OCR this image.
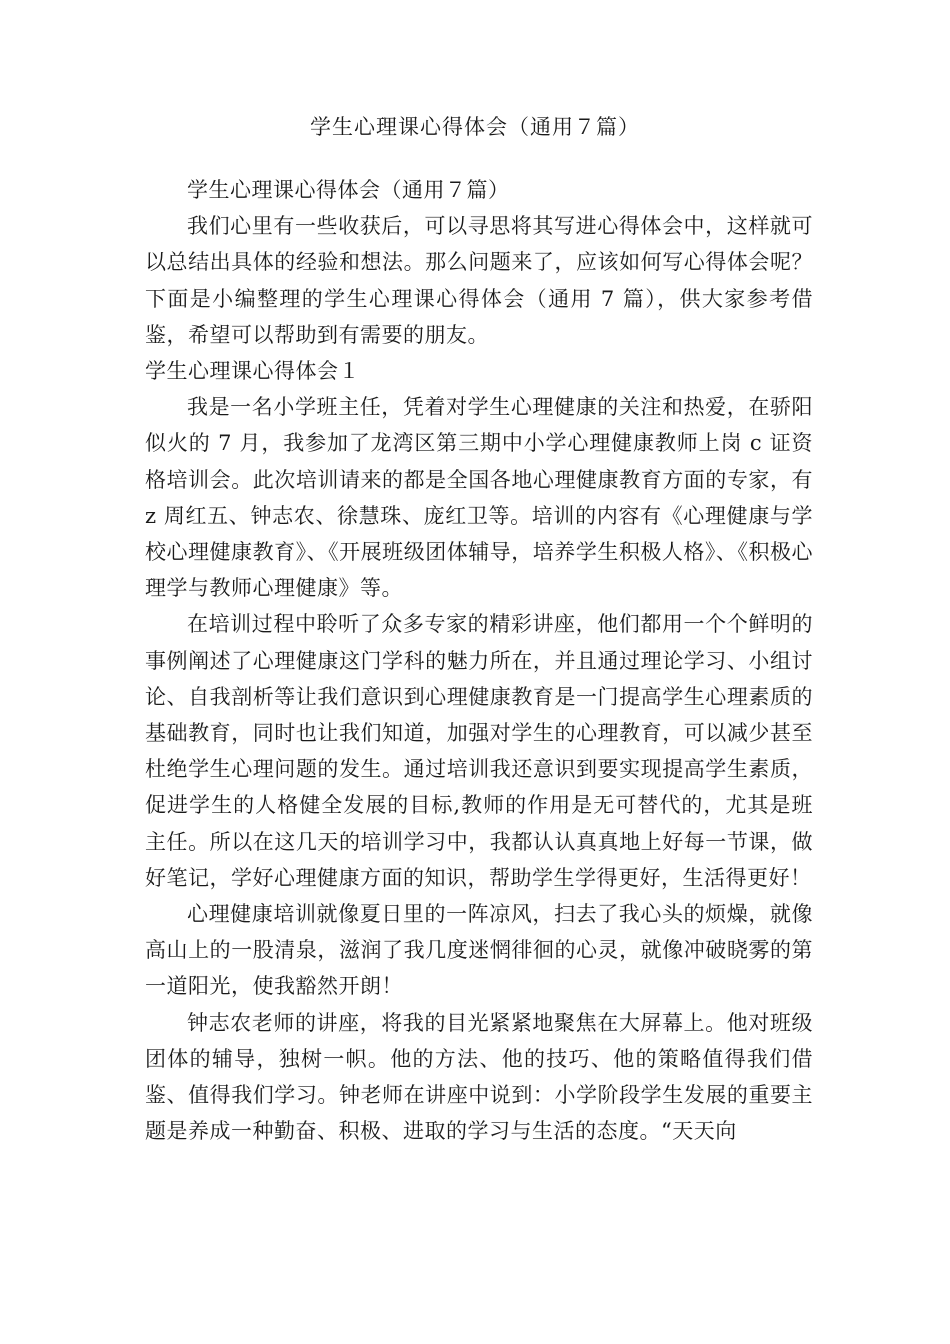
学生心理课心得体会（通用７篇）

学生心理课心得体会（通用７篇）

我们心里有一些收获后，可以寻思将其写进心得体会中，这样就可以总结出具体的经验和想法。那么问题来了，应该如何写心得体会呢？下面是小编整理的学生心理课心得体会（通用 7 篇），供大家参考借鉴，希望可以帮助到有需要的朋友。

学生心理课心得体会１

我是一名小学班主任，凭着对学生心理健康的关注和热爱，在骄阳似火的 7 月，我参加了龙湾区第三期中小学心理健康教师上岗 c 证资格培训会。此次培训请来的都是全国各地心理健康教育方面的专家，有 z 周红五、钟志农、徐慧珠、庞红卫等。培训的内容有《心理健康与学校心理健康教育》、《开展班级团体辅导，培养学生积极人格》、《积极心理学与教师心理健康》等。

在培训过程中聆听了众多专家的精彩讲座，他们都用一个个鲜明的事例阐述了心理健康这门学科的魅力所在，并且通过理论学习、小组讨论、自我剖析等让我们意识到心理健康教育是一门提高学生心理素质的基础教育，同时也让我们知道，加强对学生的心理教育，可以减少甚至杜绝学生心理问题的发生。通过培训我还意识到要实现提高学生素质，促进学生的人格健全发展的目标,教师的作用是无可替代的，尤其是班主任。所以在这几天的培训学习中，我都认认真真地上好每一节课，做好笔记，学好心理健康方面的知识，帮助学生学得更好，生活得更好！

心理健康培训就像夏日里的一阵凉风，扫去了我心头的烦燥，就像高山上的一股清泉，滋润了我几度迷惘徘徊的心灵，就像冲破晓雾的第一道阳光，使我豁然开朗！

钟志农老师的讲座，将我的目光紧紧地聚焦在大屏幕上。他对班级团体的辅导，独树一帜。他的方法、他的技巧、他的策略值得我们借鉴、值得我们学习。钟老师在讲座中说到：小学阶段学生发展的重要主题是养成一种勤奋、积极、进取的学习与生活的态度。“天天向
